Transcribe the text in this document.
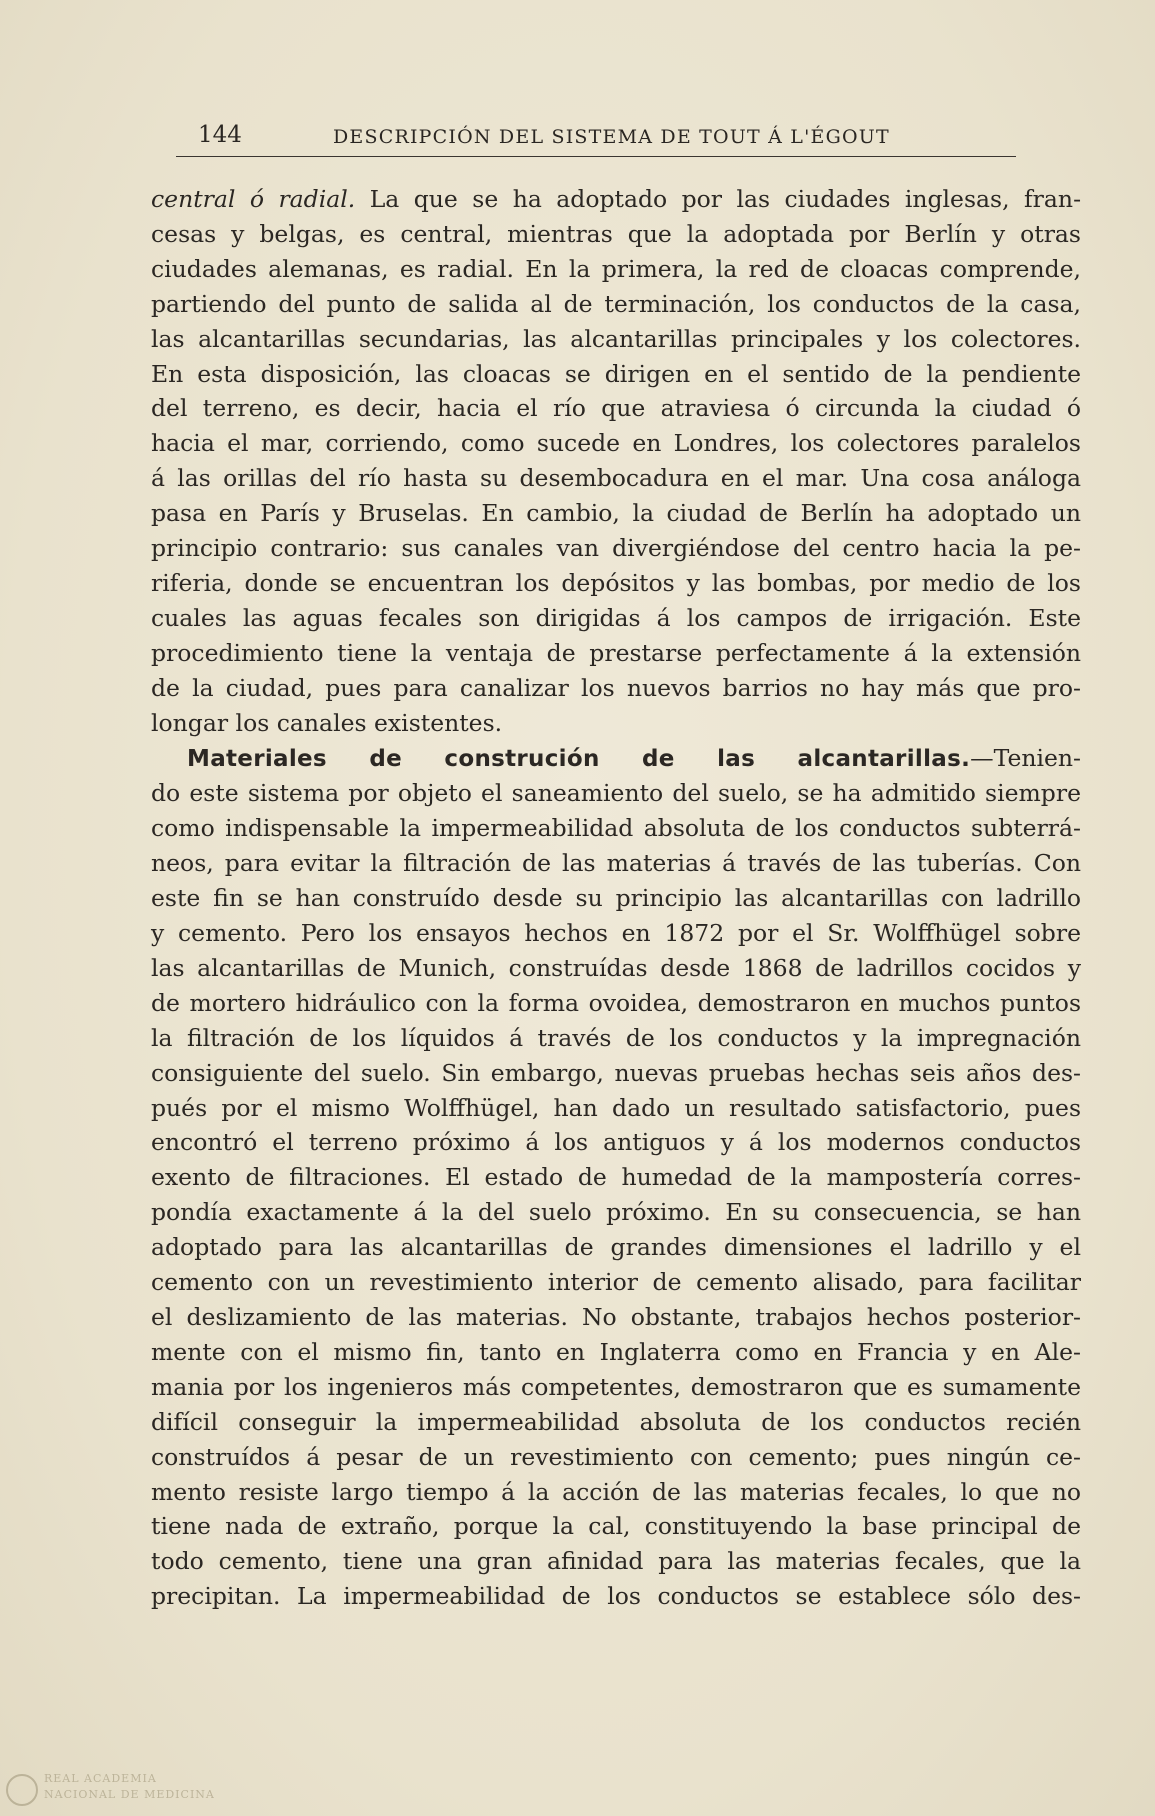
144	DESCRIPCIÓN DEL SISTEMA DE TOUT Á L'ÉGOUT
central ó radial. La que se ha adoptado por las ciudades inglesas, fran-
cesas y belgas, es central, mientras que la adoptada por Berlín y otras
ciudades alemanas, es radial. En la primera, la red de cloacas comprende,
partiendo del punto de salida al de terminación, los conductos de la casa,
las alcantarillas secundarias, las alcantarillas principales y los colectores.
En esta disposición, las cloacas se dirigen en el sentido de la pendiente
del terreno, es decir, hacia el río que atraviesa ó circunda la ciudad ó
hacia el mar, corriendo, como sucede en Londres, los colectores paralelos
á las orillas del río hasta su desembocadura en el mar. Una cosa análoga
pasa en París y Bruselas. En cambio, la ciudad de Berlín ha adoptado un
principio contrario: sus canales van divergiéndose del centro hacia la pe-
riferia, donde se encuentran los depósitos y las bombas, por medio de los
cuales las aguas fecales son dirigidas á los campos de irrigación. Este
procedimiento tiene la ventaja de prestarse perfectamente á la extensión
de la ciudad, pues para canalizar los nuevos barrios no hay más que pro-
longar los canales existentes.
Materiales de construción de las alcantarillas.—Tenien-
do este sistema por objeto el saneamiento del suelo, se ha admitido siempre
como indispensable la impermeabilidad absoluta de los conductos subterrá-
neos, para evitar la filtración de las materias á través de las tuberías. Con
este fin se han construído desde su principio las alcantarillas con ladrillo
y cemento. Pero los ensayos hechos en 1872 por el Sr. Wolffhügel sobre
las alcantarillas de Munich, construídas desde 1868 de ladrillos cocidos y
de mortero hidráulico con la forma ovoidea, demostraron en muchos puntos
la filtración de los líquidos á través de los conductos y la impregnación
consiguiente del suelo. Sin embargo, nuevas pruebas hechas seis años des-
pués por el mismo Wolffhügel, han dado un resultado satisfactorio, pues
encontró el terreno próximo á los antiguos y á los modernos conductos
exento de filtraciones. El estado de humedad de la mampostería corres-
pondía exactamente á la del suelo próximo. En su consecuencia, se han
adoptado para las alcantarillas de grandes dimensiones el ladrillo y el
cemento con un revestimiento interior de cemento alisado, para facilitar
el deslizamiento de las materias. No obstante, trabajos hechos posterior-
mente con el mismo fin, tanto en Inglaterra como en Francia y en Ale-
mania por los ingenieros más competentes, demostraron que es sumamente
difícil conseguir la impermeabilidad absoluta de los conductos recién
construídos á pesar de un revestimiento con cemento; pues ningún ce-
mento resiste largo tiempo á la acción de las materias fecales, lo que no
tiene nada de extraño, porque la cal, constituyendo la base principal de
todo cemento, tiene una gran afinidad para las materias fecales, que la
precipitan. La impermeabilidad de los conductos se establece sólo des-
REAL ACADEMIA
NACIONAL DE MEDICINA
